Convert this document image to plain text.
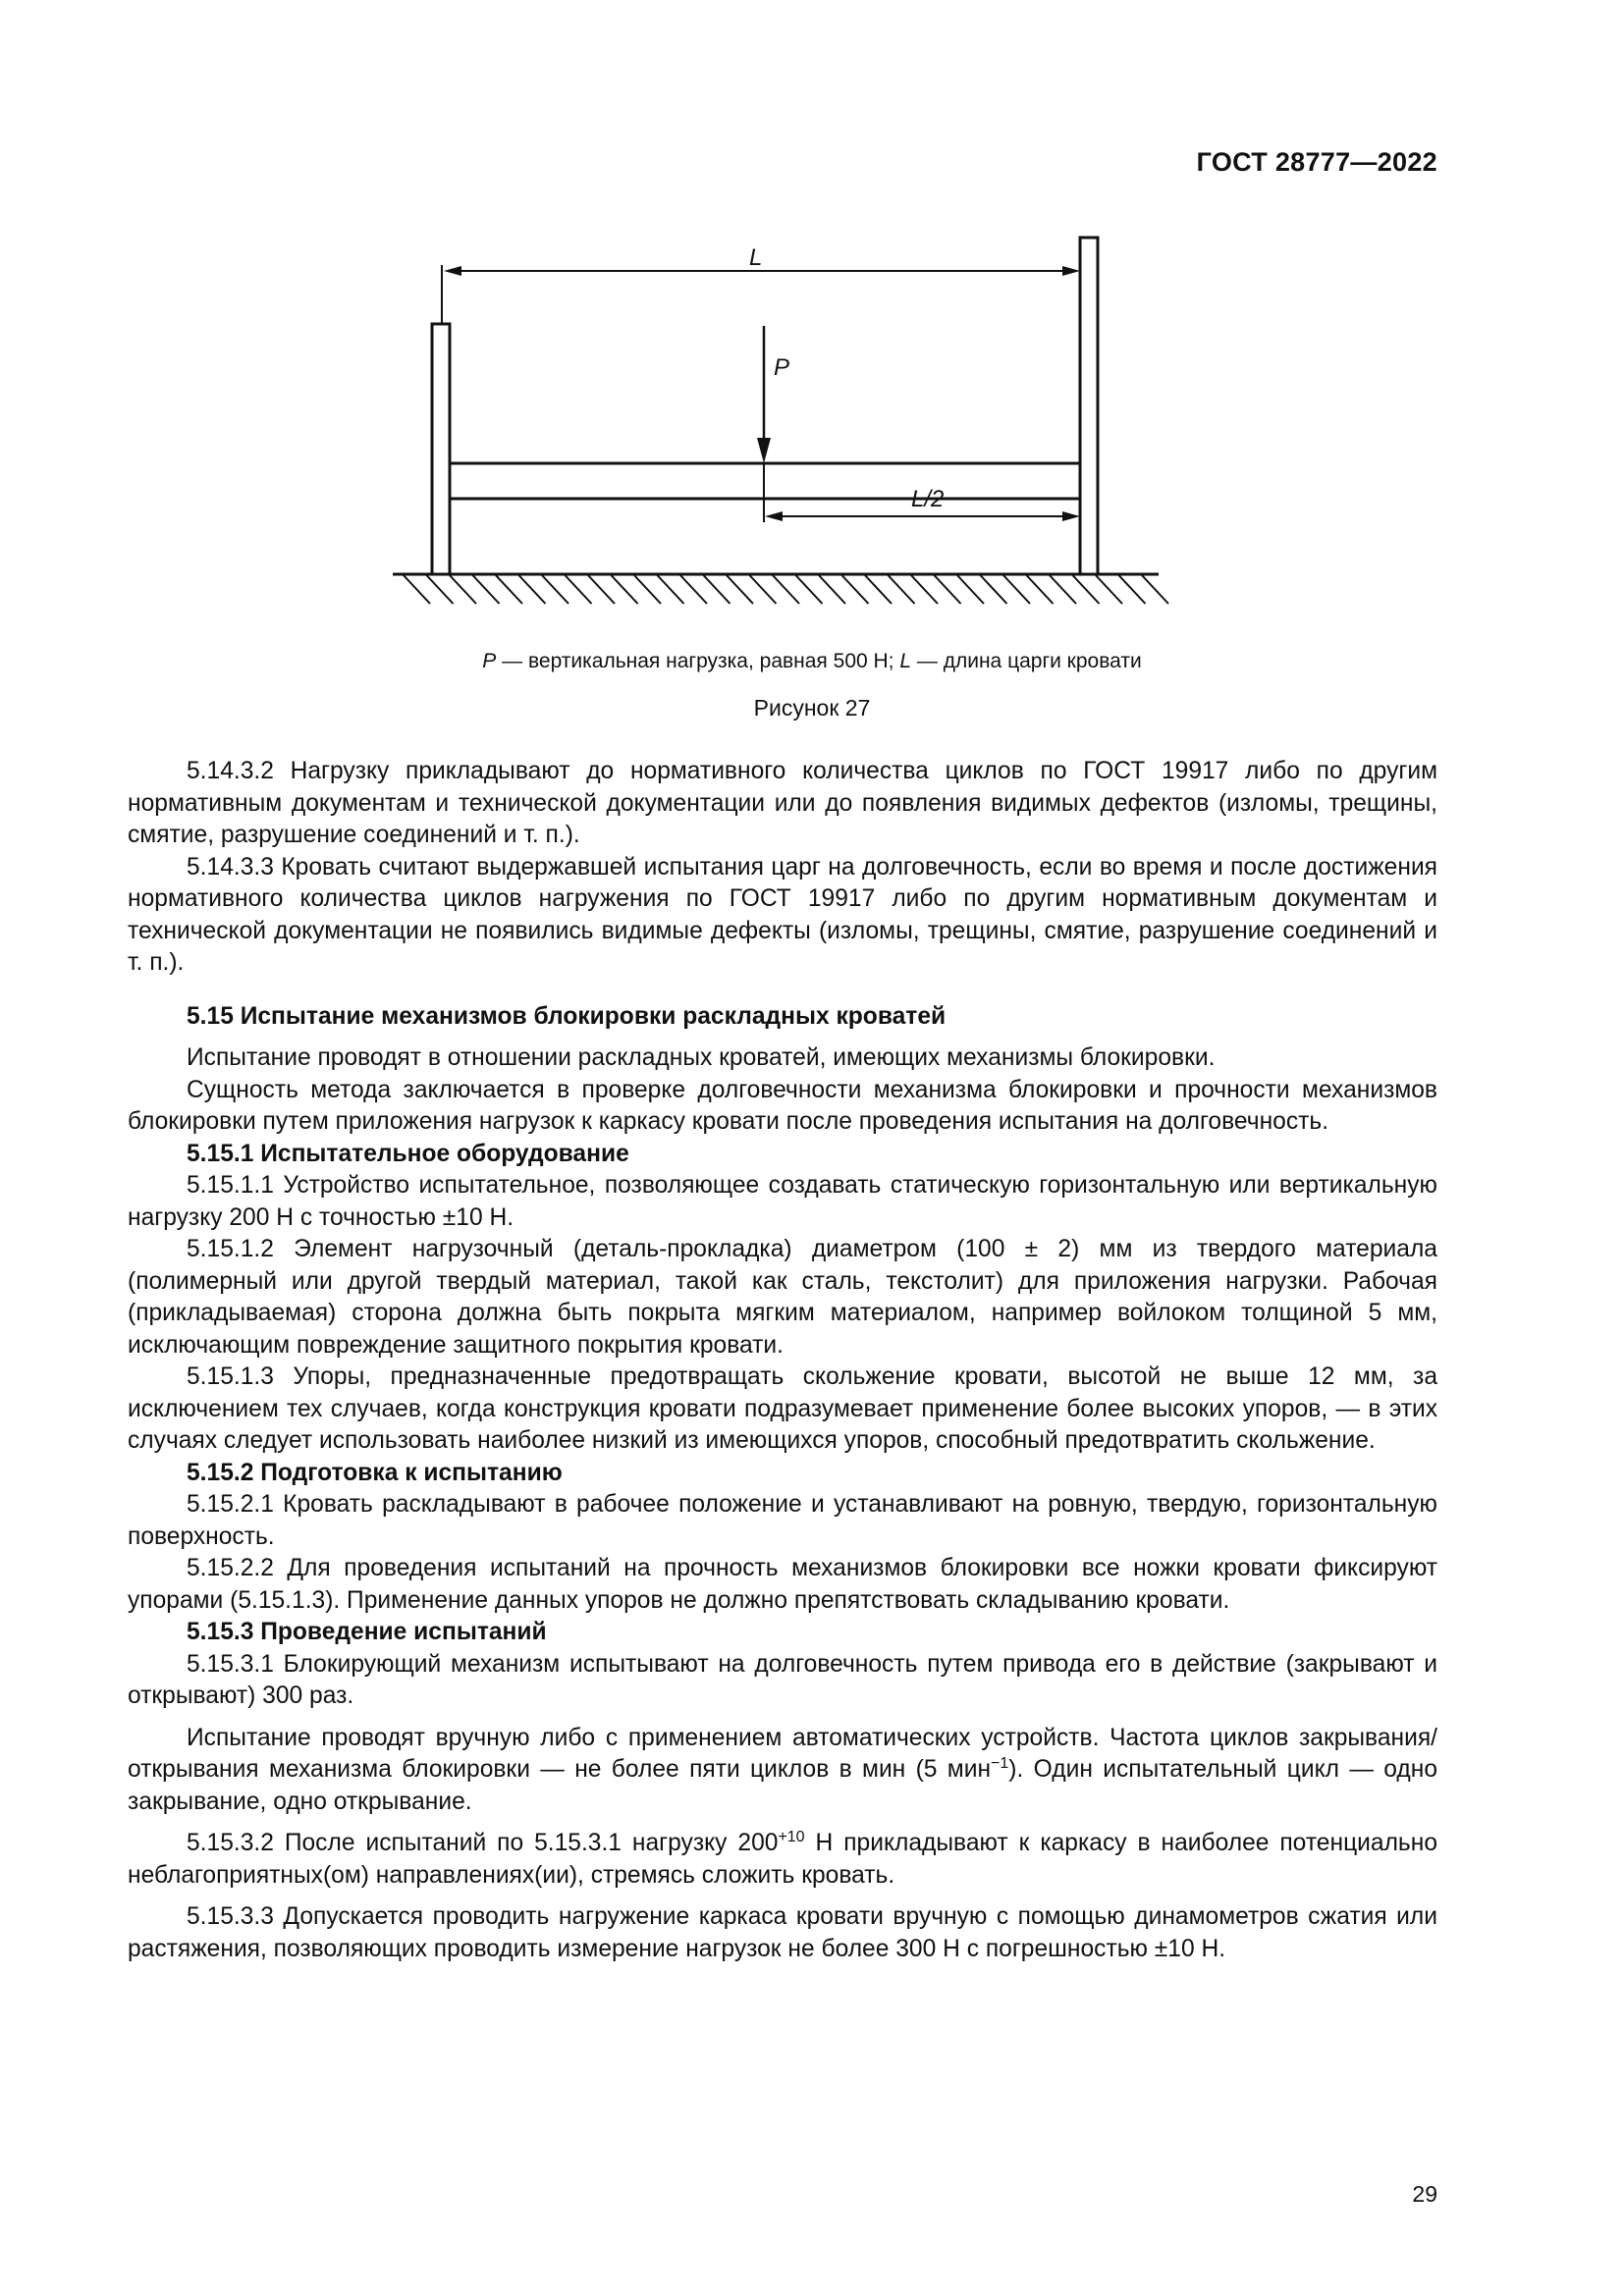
ГОСТ 28777—2022
L
P
L/2
P — вертикальная нагрузка, равная 500 Н; L — длина царги кровати
Рисунок 27

5.14.3.2 Нагрузку прикладывают до нормативного количества циклов по ГОСТ 19917 либо по другим нормативным документам и технической документации или до появления видимых дефектов (изломы, трещины, смятие, разрушение соединений и т. п.).

5.14.3.3 Кровать считают выдержавшей испытания царг на долговечность, если во время и после достижения нормативного количества циклов нагружения по ГОСТ 19917 либо по другим нормативным документам и технической документации не появились видимые дефекты (изломы, трещины, смятие, разрушение соединений и т. п.).

5.15 Испытание механизмов блокировки раскладных кроватей

Испытание проводят в отношении раскладных кроватей, имеющих механизмы блокировки.

Сущность метода заключается в проверке долговечности механизма блокировки и прочности механизмов блокировки путем приложения нагрузок к каркасу кровати после проведения испытания на долговечность.

5.15.1 Испытательное оборудование

5.15.1.1 Устройство испытательное, позволяющее создавать статическую горизонтальную или вертикальную нагрузку 200 Н с точностью ±10 Н.

5.15.1.2 Элемент нагрузочный (деталь-прокладка) диаметром (100 ± 2) мм из твердого материала (полимерный или другой твердый материал, такой как сталь, текстолит) для приложения нагрузки. Рабочая (прикладываемая) сторона должна быть покрыта мягким материалом, например войлоком толщиной 5 мм, исключающим повреждение защитного покрытия кровати.

5.15.1.3 Упоры, предназначенные предотвращать скольжение кровати, высотой не выше 12 мм, за исключением тех случаев, когда конструкция кровати подразумевает применение более высоких упоров, — в этих случаях следует использовать наиболее низкий из имеющихся упоров, способный предотвратить скольжение.

5.15.2 Подготовка к испытанию

5.15.2.1 Кровать раскладывают в рабочее положение и устанавливают на ровную, твердую, горизонтальную поверхность.

5.15.2.2 Для проведения испытаний на прочность механизмов блокировки все ножки кровати фиксируют упорами (5.15.1.3). Применение данных упоров не должно препятствовать складыванию кровати.

5.15.3 Проведение испытаний

5.15.3.1 Блокирующий механизм испытывают на долговечность путем привода его в действие (закрывают и открывают) 300 раз.

Испытание проводят вручную либо с применением автоматических устройств. Частота циклов закрывания/открывания механизма блокировки — не более пяти циклов в мин (5 мин$^{-1}$). Один испытательный цикл — одно закрывание, одно открывание.

5.15.3.2 После испытаний по 5.15.3.1 нагрузку $200^{+10}$ Н прикладывают к каркасу в наиболее потенциально неблагоприятных(ом) направлениях(ии), стремясь сложить кровать.

5.15.3.3 Допускается проводить нагружение каркаса кровати вручную с помощью динамометров сжатия или растяжения, позволяющих проводить измерение нагрузок не более 300 Н с погрешностью ±10 Н.

29
